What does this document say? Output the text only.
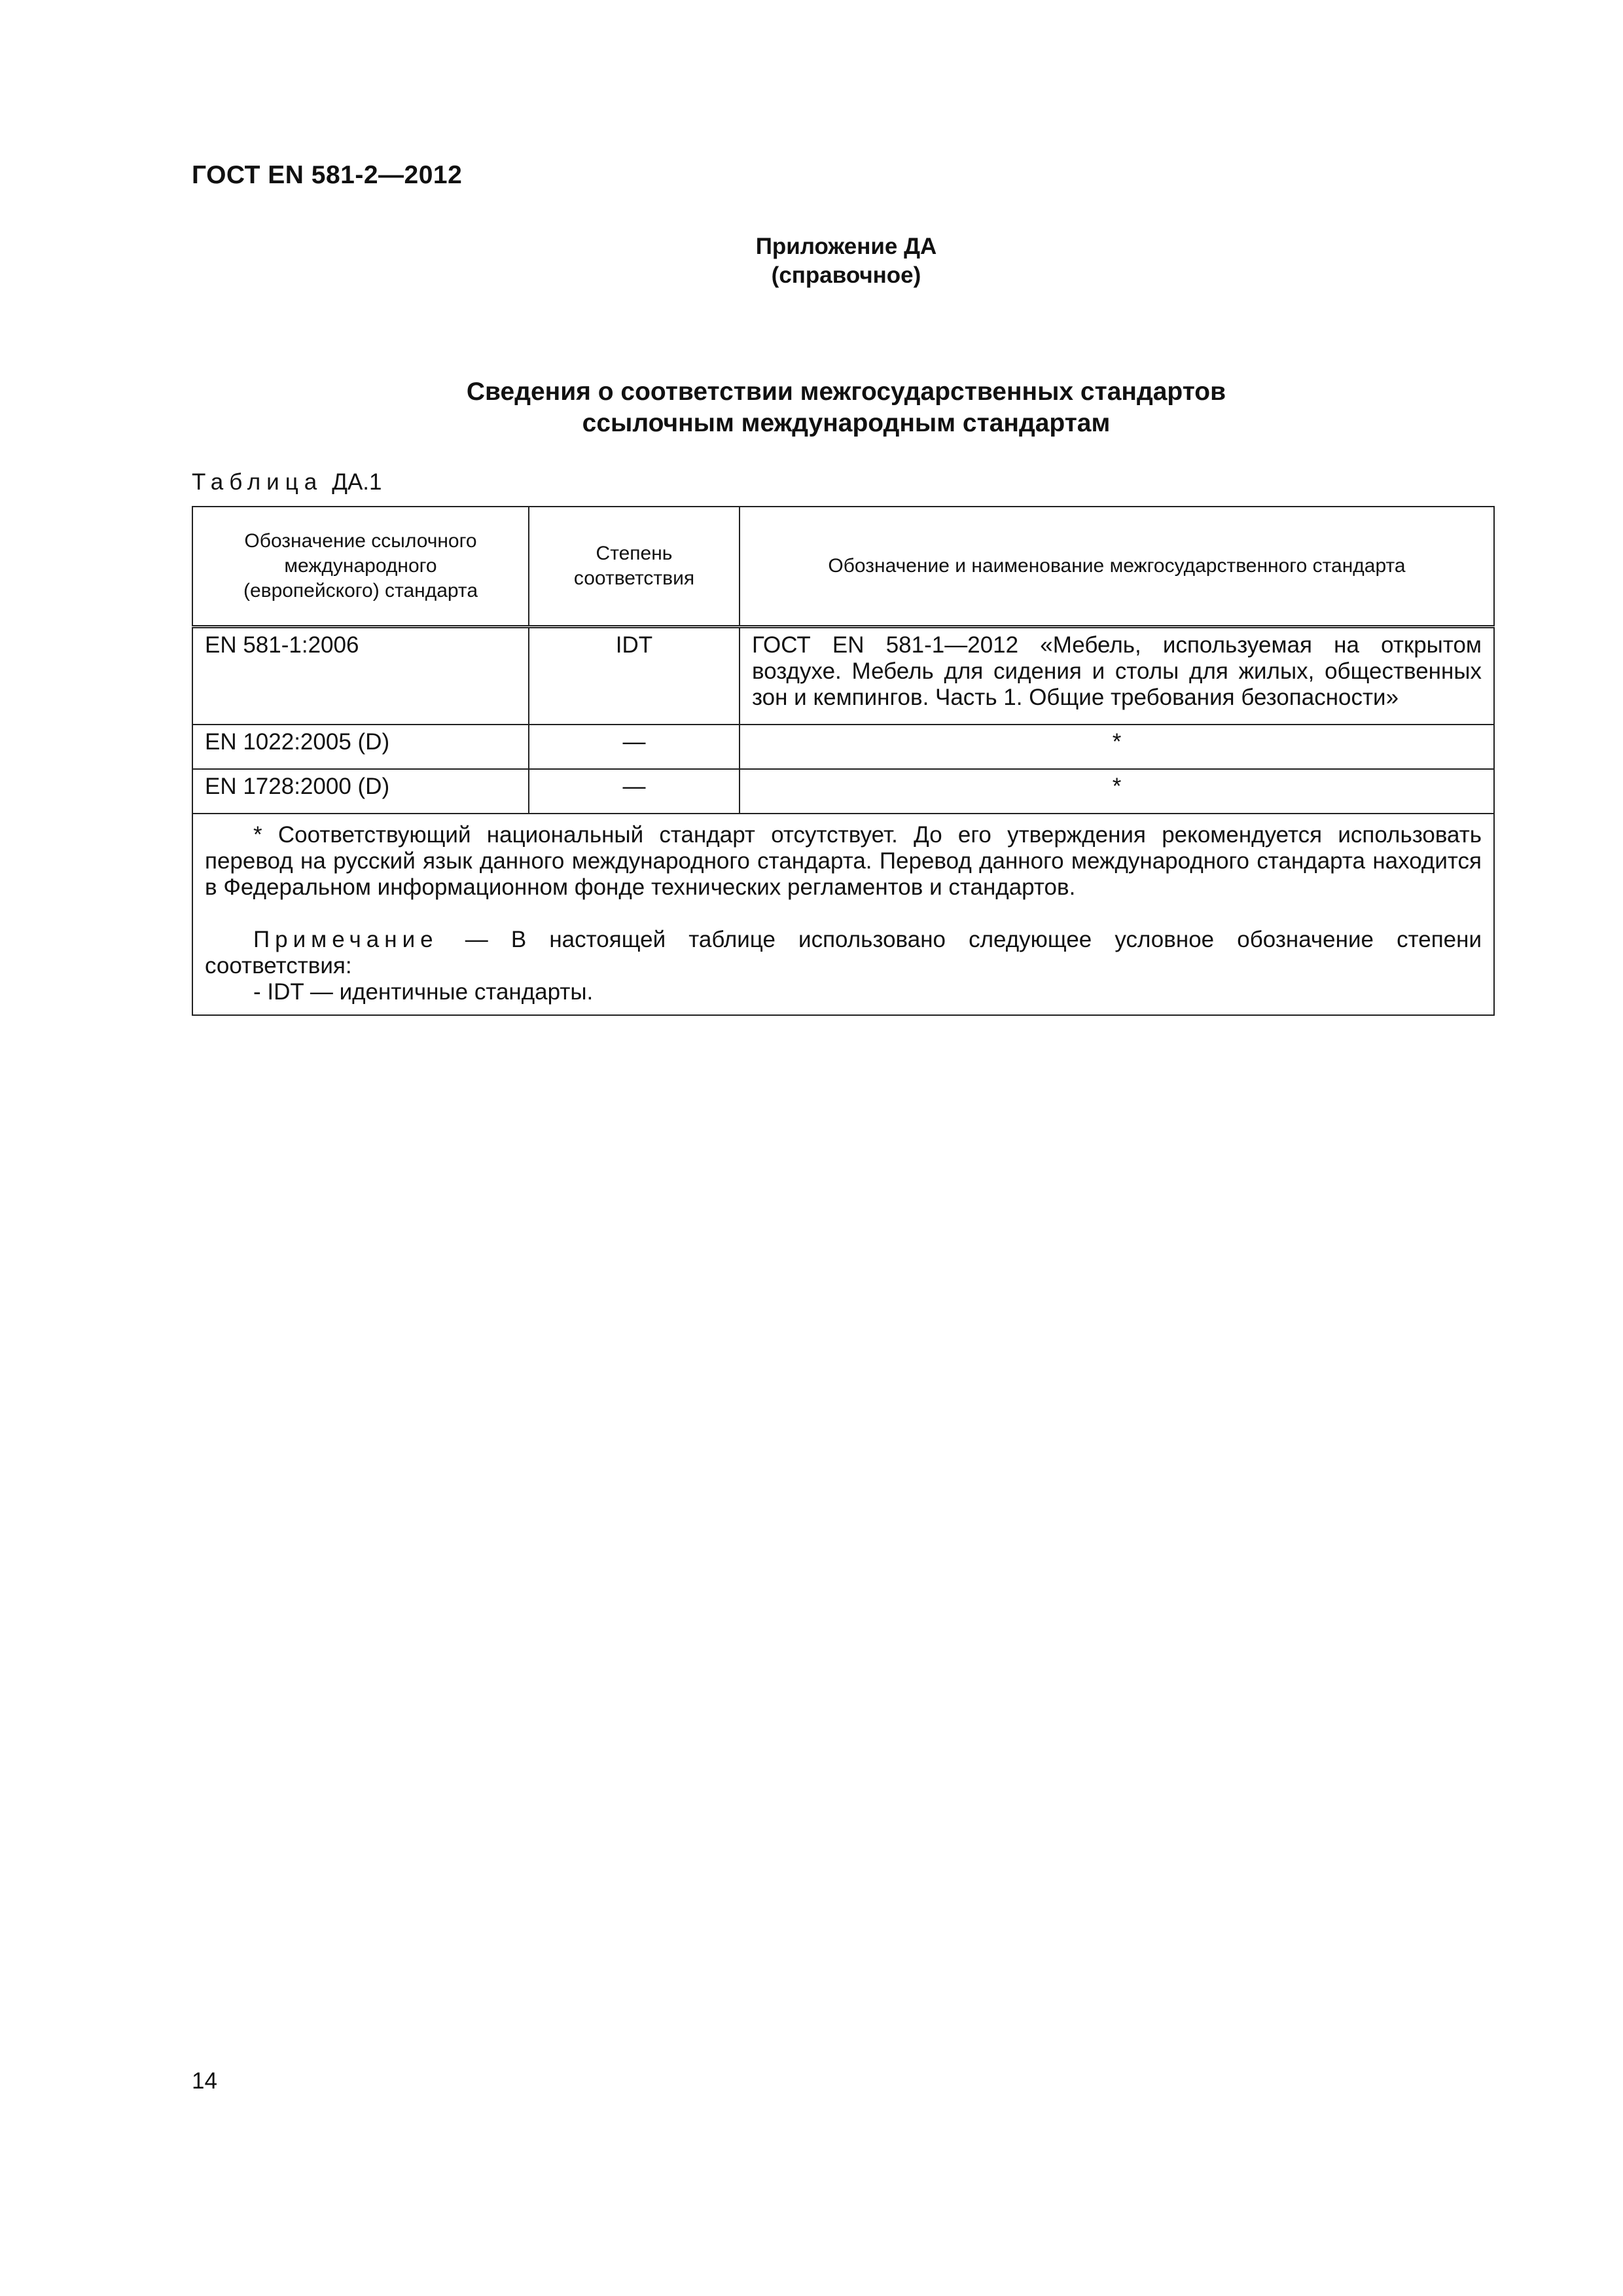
ГОСТ EN 581-2—2012
Приложение ДА
(справочное)
Сведения о соответствии межгосударственных стандартов
ссылочным международным стандартам
Таблица ДА.1
Обозначение ссылочного международного (европейского) стандарта	Степень соответствия	Обозначение и наименование межгосударственного стандарта
EN 581-1:2006	IDT	ГОСТ EN 581-1—2012 «Мебель, используемая на открытом воздухе. Мебель для сидения и столы для жилых, общественных зон и кемпингов. Часть 1. Общие требования безопасности»
EN 1022:2005 (D)	—	*
EN 1728:2000 (D)	—	*

* Соответствующий национальный стандарт отсутствует. До его утверждения рекомендуется использовать перевод на русский язык данного международного стандарта. Перевод данного международного стандарта находится в Федеральном информационном фонде технических регламентов и стандартов.

Примечание — В настоящей таблице использовано следующее условное обозначение степени соответствия:

- IDT — идентичные стандарты.		

14
